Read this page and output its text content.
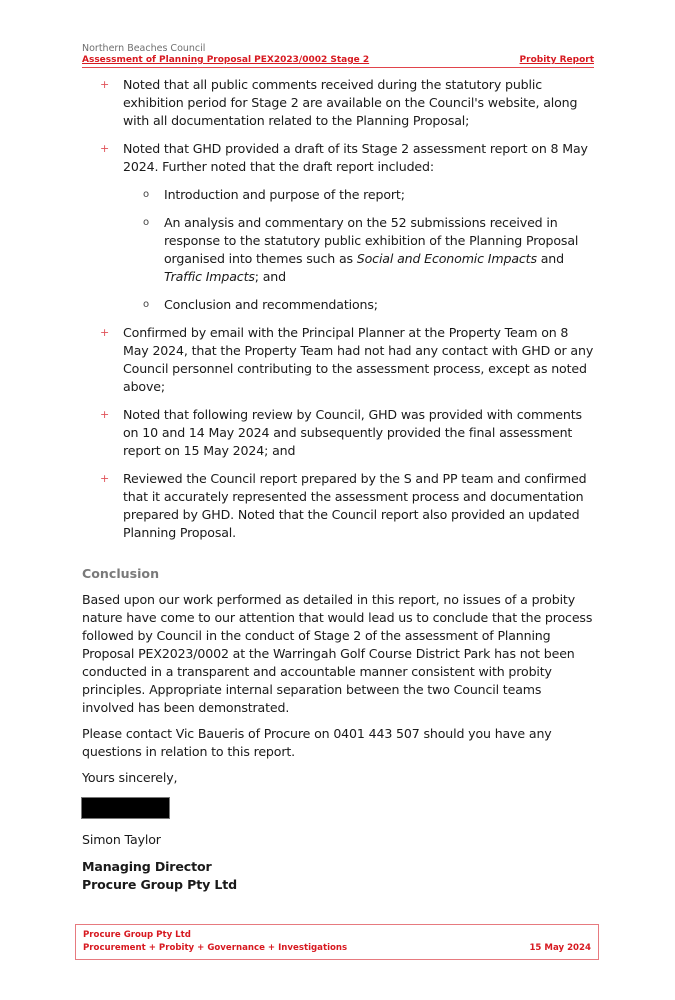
Northern Beaches Council
Assessment of Planning Proposal PEX2023/0002 Stage 2	Probity Report
+	Noted that all public comments received during the statutory public exhibition period for Stage 2 are available on the Council's website, along with all documentation related to the Planning Proposal;
+	Noted that GHD provided a draft of its Stage 2 assessment report on 8 May 2024. Further noted that the draft report included:
o	Introduction and purpose of the report;
o	An analysis and commentary on the 52 submissions received in response to the statutory public exhibition of the Planning Proposal organised into themes such as Social and Economic Impacts and Traffic Impacts; and
o	Conclusion and recommendations;
+	Confirmed by email with the Principal Planner at the Property Team on 8 May 2024, that the Property Team had not had any contact with GHD or any Council personnel contributing to the assessment process, except as noted above;
+	Noted that following review by Council, GHD was provided with comments on 10 and 14 May 2024 and subsequently provided the final assessment report on 15 May 2024; and
+	Reviewed the Council report prepared by the S and PP team and confirmed that it accurately represented the assessment process and documentation prepared by GHD. Noted that the Council report also provided an updated Planning Proposal.
Conclusion
Based upon our work performed as detailed in this report, no issues of a probity nature have come to our attention that would lead us to conclude that the process followed by Council in the conduct of Stage 2 of the assessment of Planning Proposal PEX2023/0002 at the Warringah Golf Course District Park has not been conducted in a transparent and accountable manner consistent with probity principles. Appropriate internal separation between the two Council teams involved has been demonstrated.
Please contact Vic Baueris of Procure on 0401 443 507 should you have any questions in relation to this report.
Yours sincerely,
Simon Taylor
Managing Director
Procure Group Pty Ltd
Procure Group Pty Ltd
Procurement + Probity + Governance + Investigations	15 May 2024
